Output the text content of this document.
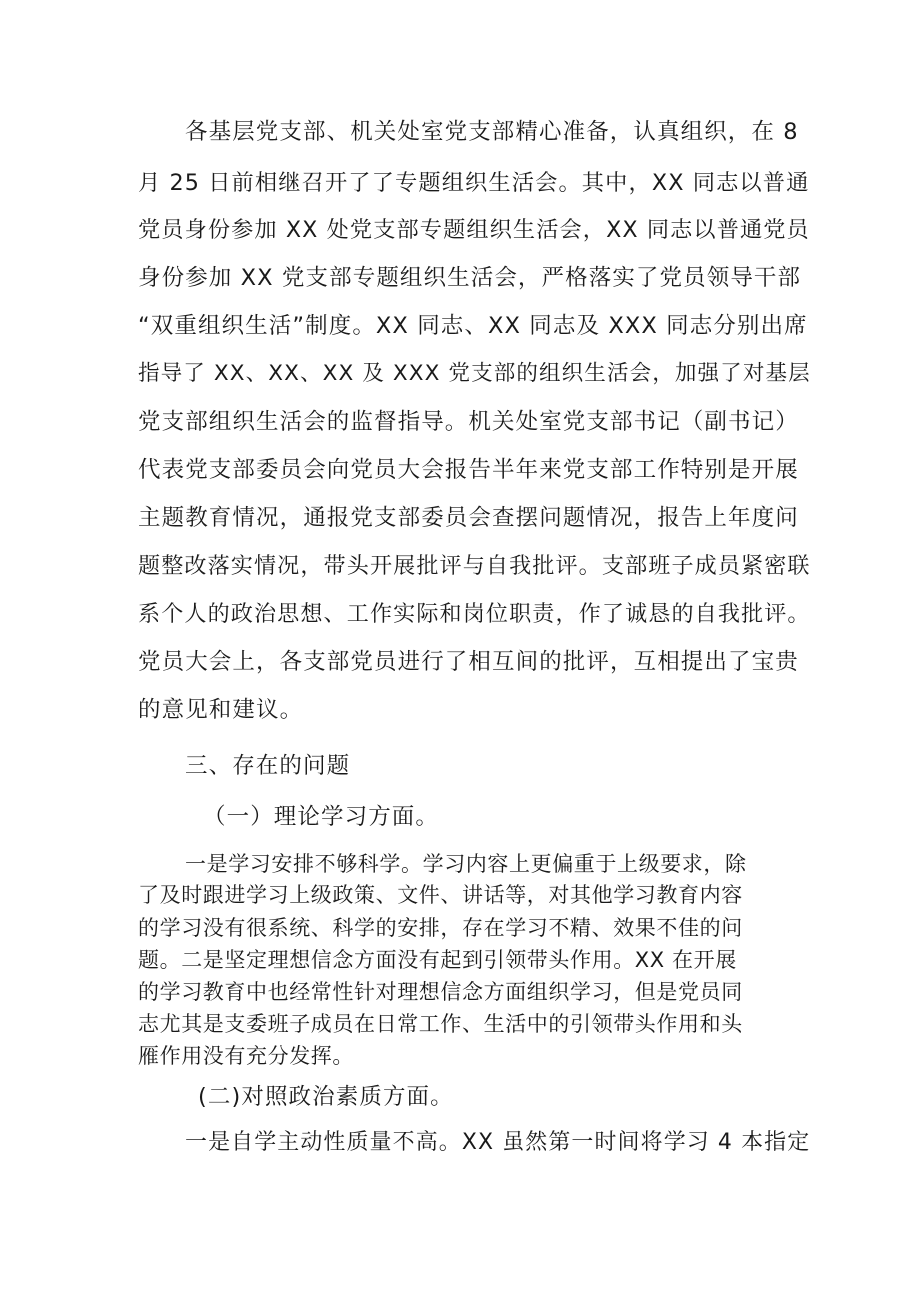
各基层党支部、机关处室党支部精心准备，认真组织，在 8
月 25 日前相继召开了了专题组织生活会。其中，XX 同志以普通
党员身份参加 XX 处党支部专题组织生活会，XX 同志以普通党员
身份参加 XX 党支部专题组织生活会，严格落实了党员领导干部
“双重组织生活”制度。XX 同志、XX 同志及 XXX 同志分别出席
指导了 XX、XX、XX 及 XXX 党支部的组织生活会，加强了对基层
党支部组织生活会的监督指导。机关处室党支部书记（副书记）
代表党支部委员会向党员大会报告半年来党支部工作特别是开展
主题教育情况，通报党支部委员会查摆问题情况，报告上年度问
题整改落实情况，带头开展批评与自我批评。支部班子成员紧密联
系个人的政治思想、工作实际和岗位职责，作了诚恳的自我批评。
党员大会上，各支部党员进行了相互间的批评，互相提出了宝贵
的意见和建议。
三、存在的问题
（一）理论学习方面。
一是学习安排不够科学。学习内容上更偏重于上级要求，除
了及时跟进学习上级政策、文件、讲话等，对其他学习教育内容
的学习没有很系统、科学的安排，存在学习不精、效果不佳的问
题。二是坚定理想信念方面没有起到引领带头作用。XX 在开展
的学习教育中也经常性针对理想信念方面组织学习，但是党员同
志尤其是支委班子成员在日常工作、生活中的引领带头作用和头
雁作用没有充分发挥。
(二)对照政治素质方面。
一是自学主动性质量不高。XX 虽然第一时间将学习 4 本指定
